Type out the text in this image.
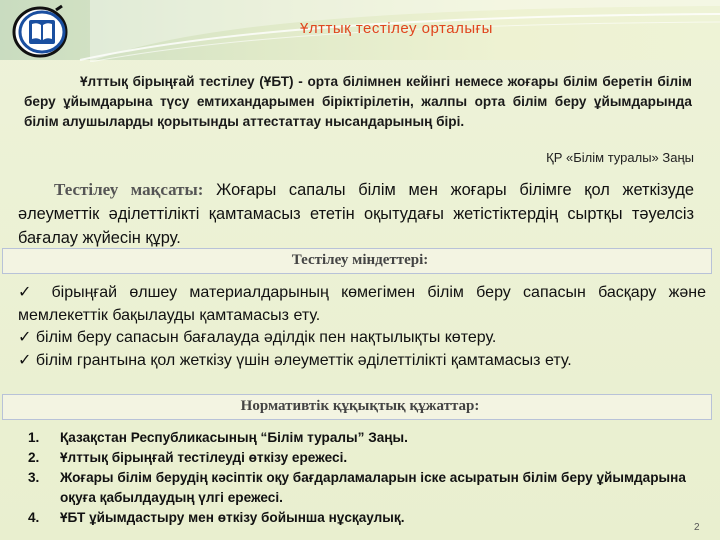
Ұлттық тестілеу орталығы
Ұлттық бірыңғай тестілеу (ҰБТ) - орта білімнен кейінгі немесе жоғары білім беретін білім беру ұйымдарына түсу емтихандарымен біріктірілетін, жалпы орта білім беру ұйымдарында білім алушыларды қорытынды аттестаттау нысандарының бірі.
ҚР «Білім туралы» Заңы
Тестілеу мақсаты: Жоғары сапалы білім мен жоғары білімге қол жеткізуде әлеуметтік әділеттілікті қамтамасыз ететін оқытудағы жетістіктердің сыртқы тәуелсіз бағалау жүйесін құру.
Тестілеу міндеттері:

✓ бірыңғай өлшеу материалдарының көмегімен білім беру сапасын басқару және мемлекеттік бақылауды қамтамасыз ету.

✓ білім беру сапасын бағалауда әділдік пен нақтылықты көтеру.

✓ білім грантына қол жеткізу үшін әлеуметтік әділеттілікті қамтамасыз ету.

Нормативтік құқықтық құжаттар:
1.	Қазақстан Республикасының “Білім туралы” Заңы.
2.	Ұлттық бірыңғай тестілеуді өткізу ережесі.
3.	Жоғары білім берудің кәсіптік оқу бағдарламаларын іске асыратын білім беру ұйымдарына оқуға қабылдаудың үлгі ережесі.
4.	ҰБТ ұйымдастыру мен өткізу бойынша нұсқаулық.
2
